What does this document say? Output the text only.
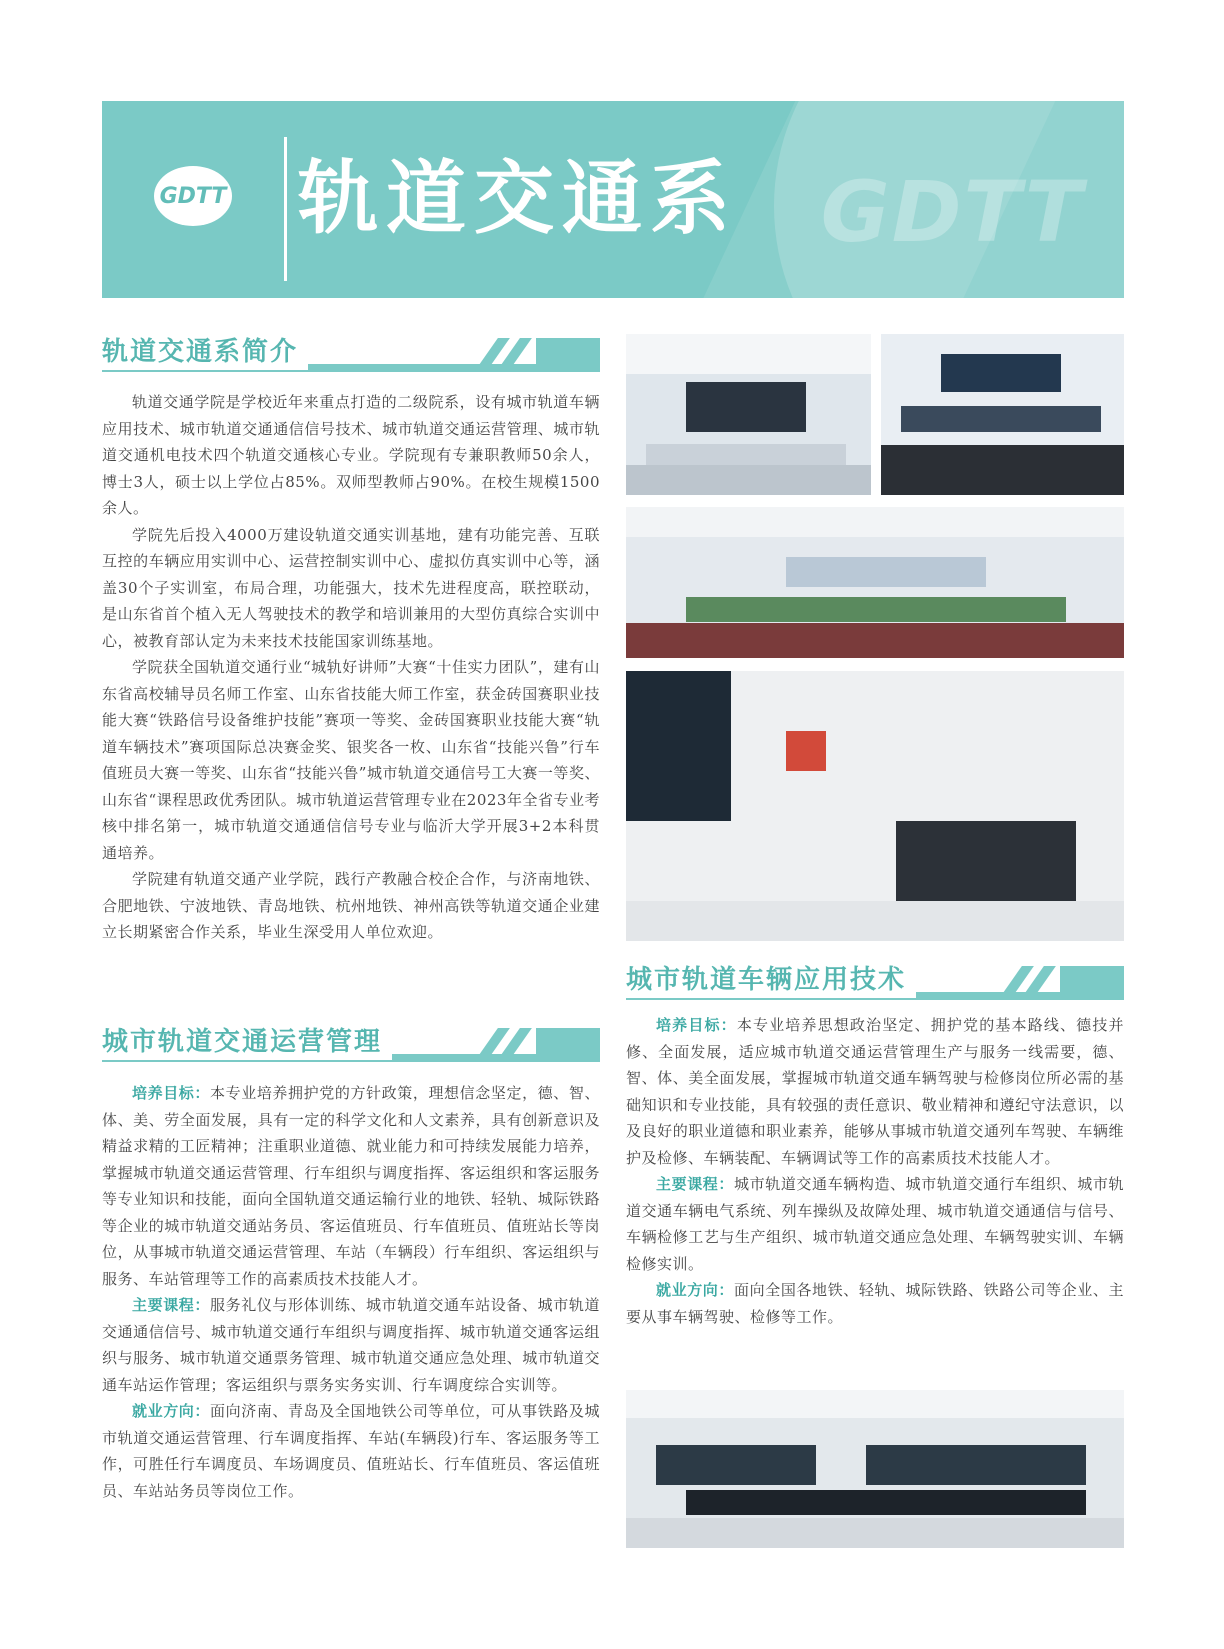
GDTT
GDTT 轨道交通系
轨道交通系简介

轨道交通学院是学校近年来重点打造的二级院系，设有城市轨道车辆应用技术、城市轨道交通通信信号技术、城市轨道交通运营管理、城市轨道交通机电技术四个轨道交通核心专业。学院现有专兼职教师50余人，博士3人，硕士以上学位占85%。双师型教师占90%。在校生规模1500余人。

学院先后投入4000万建设轨道交通实训基地，建有功能完善、互联互控的车辆应用实训中心、运营控制实训中心、虚拟仿真实训中心等，涵盖30个子实训室，布局合理，功能强大，技术先进程度高，联控联动，是山东省首个植入无人驾驶技术的教学和培训兼用的大型仿真综合实训中心，被教育部认定为未来技术技能国家训练基地。

学院获全国轨道交通行业“城轨好讲师”大赛“十佳实力团队”，建有山东省高校辅导员名师工作室、山东省技能大师工作室，获金砖国赛职业技能大赛“铁路信号设备维护技能”赛项一等奖、金砖国赛职业技能大赛“轨道车辆技术”赛项国际总决赛金奖、银奖各一枚、山东省“技能兴鲁”行车值班员大赛一等奖、山东省“技能兴鲁”城市轨道交通信号工大赛一等奖、山东省“课程思政优秀团队。城市轨道运营管理专业在2023年全省专业考核中排名第一，城市轨道交通通信信号专业与临沂大学开展3+2本科贯通培养。

学院建有轨道交通产业学院，践行产教融合校企合作，与济南地铁、合肥地铁、宁波地铁、青岛地铁、杭州地铁、神州高铁等轨道交通企业建立长期紧密合作关系，毕业生深受用人单位欢迎。

城市轨道交通运营管理

培养目标：本专业培养拥护党的方针政策，理想信念坚定，德、智、体、美、劳全面发展，具有一定的科学文化和人文素养，具有创新意识及精益求精的工匠精神；注重职业道德、就业能力和可持续发展能力培养，掌握城市轨道交通运营管理、行车组织与调度指挥、客运组织和客运服务等专业知识和技能，面向全国轨道交通运输行业的地铁、轻轨、城际铁路等企业的城市轨道交通站务员、客运值班员、行车值班员、值班站长等岗位，从事城市轨道交通运营管理、车站（车辆段）行车组织、客运组织与服务、车站管理等工作的高素质技术技能人才。

主要课程：服务礼仪与形体训练、城市轨道交通车站设备、城市轨道交通通信信号、城市轨道交通行车组织与调度指挥、城市轨道交通客运组织与服务、城市轨道交通票务管理、城市轨道交通应急处理、城市轨道交通车站运作管理；客运组织与票务实务实训、行车调度综合实训等。

就业方向：面向济南、青岛及全国地铁公司等单位，可从事铁路及城市轨道交通运营管理、行车调度指挥、车站(车辆段)行车、客运服务等工作，可胜任行车调度员、车场调度员、值班站长、行车值班员、客运值班员、车站站务员等岗位工作。

城市轨道车辆应用技术

培养目标：本专业培养思想政治坚定、拥护党的基本路线、德技并修、全面发展，适应城市轨道交通运营管理生产与服务一线需要，德、智、体、美全面发展，掌握城市轨道交通车辆驾驶与检修岗位所必需的基础知识和专业技能，具有较强的责任意识、敬业精神和遵纪守法意识，以及良好的职业道德和职业素养，能够从事城市轨道交通列车驾驶、车辆维护及检修、车辆装配、车辆调试等工作的高素质技术技能人才。

主要课程：城市轨道交通车辆构造、城市轨道交通行车组织、城市轨道交通车辆电气系统、列车操纵及故障处理、城市轨道交通通信与信号、车辆检修工艺与生产组织、城市轨道交通应急处理、车辆驾驶实训、车辆检修实训。

就业方向：面向全国各地铁、轻轨、城际铁路、铁路公司等企业、主要从事车辆驾驶、检修等工作。
